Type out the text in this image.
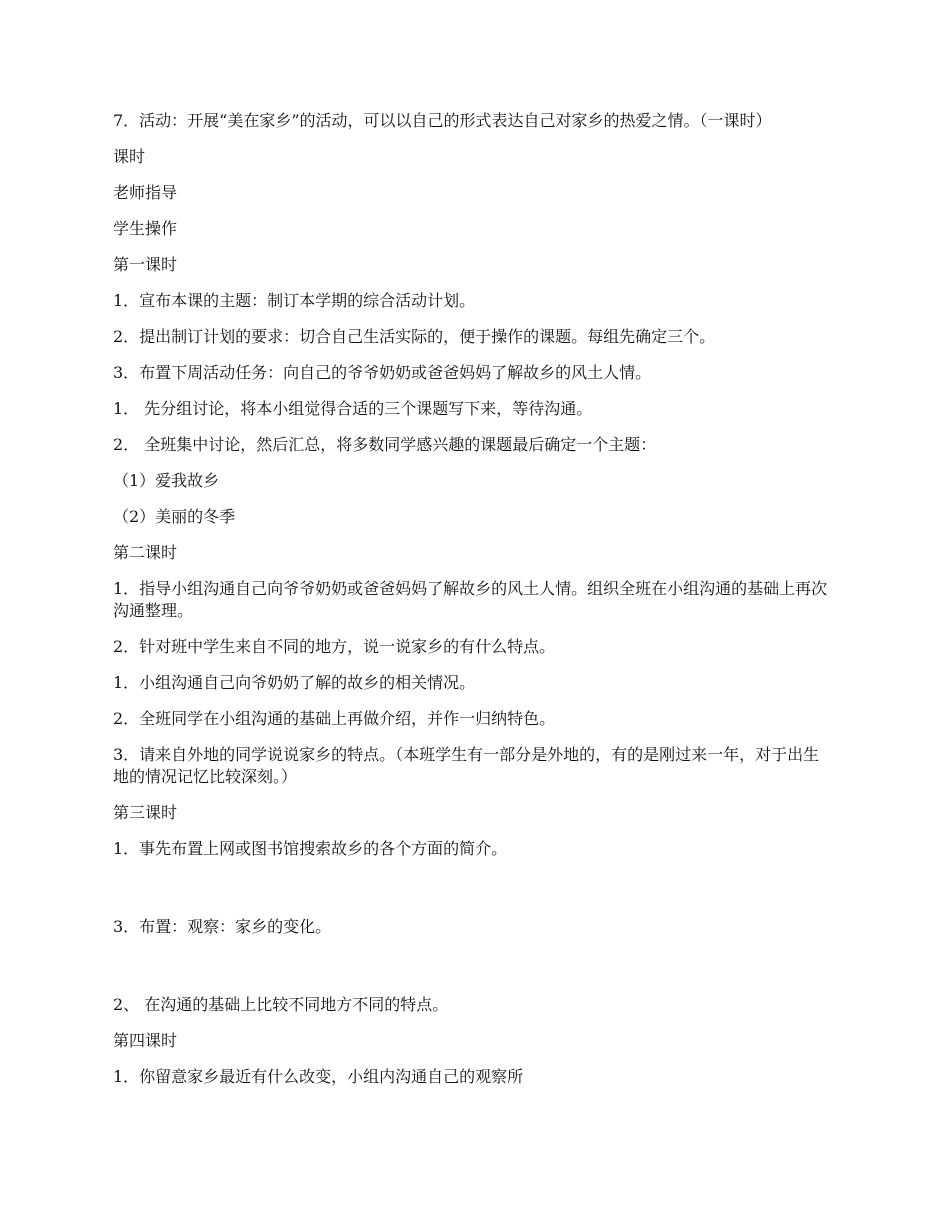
7．活动：开展“美在家乡”的活动，可以以自己的形式表达自己对家乡的热爱之情。（一课时）

课时

老师指导

学生操作

第一课时

1．宣布本课的主题：制订本学期的综合活动计划。

2．提出制订计划的要求：切合自己生活实际的，便于操作的课题。每组先确定三个。

3．布置下周活动任务：向自己的爷爷奶奶或爸爸妈妈了解故乡的风土人情。

1． 先分组讨论，将本小组觉得合适的三个课题写下来，等待沟通。

2． 全班集中讨论，然后汇总，将多数同学感兴趣的课题最后确定一个主题：

（1）爱我故乡

（2）美丽的冬季

第二课时

1．指导小组沟通自己向爷爷奶奶或爸爸妈妈了解故乡的风土人情。组织全班在小组沟通的基础上再次沟通整理。

2．针对班中学生来自不同的地方，说一说家乡的有什么特点。

1．小组沟通自己向爷奶奶了解的故乡的相关情况。

2．全班同学在小组沟通的基础上再做介绍，并作一归纳特色。

3．请来自外地的同学说说家乡的特点。（本班学生有一部分是外地的，有的是刚过来一年，对于出生地的情况记忆比较深刻。）

第三课时

1．事先布置上网或图书馆搜索故乡的各个方面的简介。

3．布置：观察：家乡的变化。

2、 在沟通的基础上比较不同地方不同的特点。

第四课时

1．你留意家乡最近有什么改变，小组内沟通自己的观察所
